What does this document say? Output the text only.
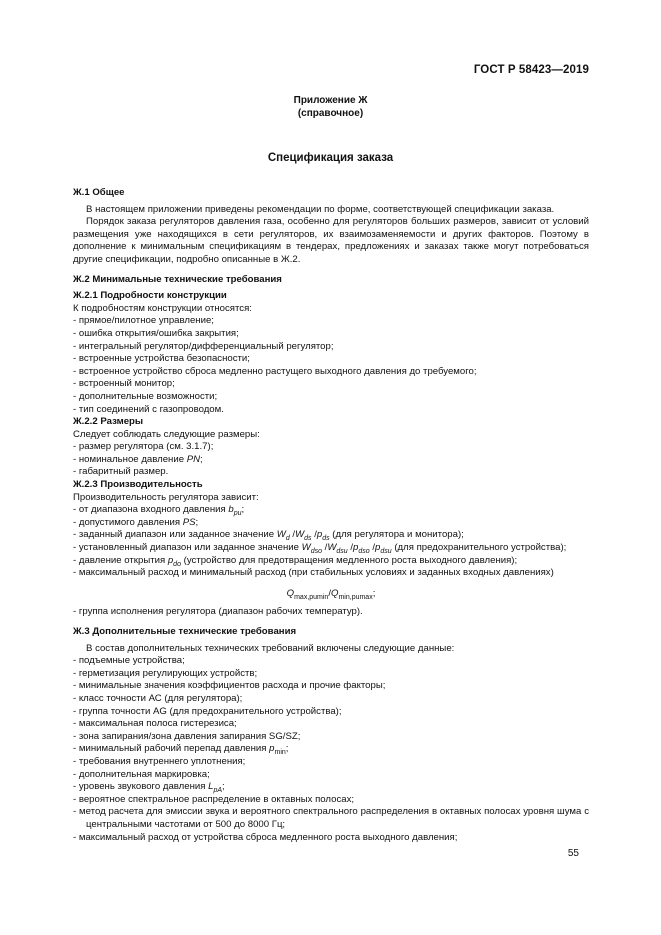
ГОСТ Р 58423—2019
Приложение Ж
(справочное)
Спецификация заказа

Ж.1 Общее

В настоящем приложении приведены рекомендации по форме, соответствующей спецификации заказа.

Порядок заказа регуляторов давления газа, особенно для регуляторов больших размеров, зависит от условий размещения уже находящихся в сети регуляторов, их взаимозаменяемости и других факторов. Поэтому в дополнение к минимальным спецификациям в тендерах, предложениях и заказах также могут потребоваться другие спецификации, подробно описанные в Ж.2.

Ж.2 Минимальные технические требования

Ж.2.1 Подробности конструкции

К подробностям конструкции относятся:

- прямое/пилотное управление;

- ошибка открытия/ошибка закрытия;

- интегральный регулятор/дифференциальный регулятор;

- встроенные устройства безопасности;

- встроенное устройство сброса медленно растущего выходного давления до требуемого;

- встроенный монитор;

- дополнительные возможности;

- тип соединений с газопроводом.

Ж.2.2 Размеры

Следует соблюдать следующие размеры:

- размер регулятора (см. 3.1.7);

- номинальное давление PN;

- габаритный размер.

Ж.2.3 Производительность

Производительность регулятора зависит:

- от диапазона входного давления $b_{pu}$;

- допустимого давления PS;

- заданный диапазон или заданное значение $W_d$ $/W_{ds}$ $/p_{ds}$ (для регулятора и монитора);

- установленный диапазон или заданное значение $W_{dso}$ $/W_{dsu}$ $/p_{dso}$ $/p_{dsu}$ (для предохранительного устройства);

- давление открытия $p_{do}$ (устройство для предотвращения медленного роста выходного давления);

- максимальный расход и минимальный расход (при стабильных условиях и заданных входных давлениях)

$Q_{max,pumin}/Q_{min,pumax}$;

- группа исполнения регулятора (диапазон рабочих температур).

Ж.3 Дополнительные технические требования

В состав дополнительных технических требований включены следующие данные:

- подъемные устройства;

- герметизация регулирующих устройств;

- минимальные значения коэффициентов расхода и прочие факторы;

- класс точности АС (для регулятора);

- группа точности AG (для предохранительного устройства);

- максимальная полоса гистерезиса;

- зона запирания/зона давления запирания SG/SZ;

- минимальный рабочий перепад давления $p_{min}$;

- требования внутреннего уплотнения;

- дополнительная маркировка;

- уровень звукового давления $L_{pA}$;

- вероятное спектральное распределение в октавных полосах;

- метод расчета для эмиссии звука и вероятного спектрального распределения в октавных полосах уровня шума с центральными частотами от 500 до 8000 Гц;

- максимальный расход от устройства сброса медленного роста выходного давления;

55
